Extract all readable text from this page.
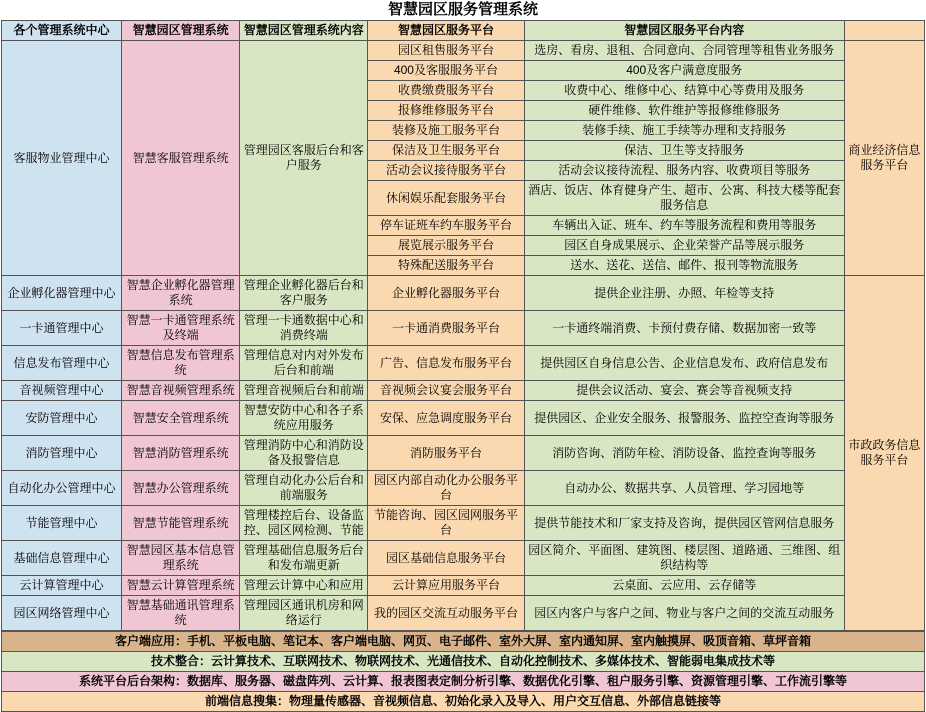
智慧园区服务管理系统
各个管理系统中心	智慧园区管理系统	智慧园区管理系统内容	智慧园区服务平台	智慧园区服务平台内容	
客服物业管理中心	智慧客服管理系统	管理园区客服后台和客户服务	园区租售服务平台	选房、看房、退租、合同意向、合同管理等租售业务服务	商业经济信息服务平台
			400及客服服务平台	400及客户满意度服务	
			收费缴费服务平台	收费中心、维修中心、结算中心等费用及服务	
			报修维修服务平台	硬件维修、软件维护等报修维修服务	
			装修及施工服务平台	装修手续、施工手续等办理和支持服务	
			保洁及卫生服务平台	保洁、卫生等支持服务	
			活动会议接待服务平台	活动会议接待流程、服务内容、收费项目等服务	
			休闲娱乐配套服务平台	酒店、饭店、体育健身产生、超市、公寓、科技大楼等配套服务信息	
			停车证班车约车服务平台	车辆出入证、班车、约车等服务流程和费用等服务	
			展览展示服务平台	园区自身成果展示、企业荣誉产品等展示服务	
			特殊配送服务平台	送水、送花、送信、邮件、报刊等物流服务	
企业孵化器管理中心	智慧企业孵化器管理系统	管理企业孵化器后台和客户服务	企业孵化器服务平台	提供企业注册、办照、年检等支持	市政政务信息服务平台
一卡通管理中心	智慧一卡通管理系统及终端	管理一卡通数据中心和消费终端	一卡通消费服务平台	一卡通终端消费、卡预付费存储、数据加密一致等	
信息发布管理中心	智慧信息发布管理系统	管理信息对内对外发布后台和前端	广告、信息发布服务平台	提供园区自身信息公告、企业信息发布、政府信息发布	
音视频管理中心	智慧音视频管理系统	管理音视频后台和前端	音视频会议宴会服务平台	提供会议活动、宴会、赛会等音视频支持	
安防管理中心	智慧安全管理系统	智慧安防中心和各子系统应用服务	安保、应急调度服务平台	提供园区、企业安全服务、报警服务、监控空查询等服务	
消防管理中心	智慧消防管理系统	管理消防中心和消防设备及报警信息	消防服务平台	消防咨询、消防年检、消防设备、监控查询等服务	
自动化办公管理中心	智慧办公管理系统	管理自动化办公后台和前端服务	园区内部自动化办公服务平台	自动办公、数据共享、人员管理、学习园地等	
节能管理中心	智慧节能管理系统	管理楼控后台、设备监控、园区网检测、节能	节能咨询、园区园网服务平台	提供节能技术和厂家支持及咨询，提供园区管网信息服务	
基础信息管理中心	智慧园区基本信息管理系统	管理基础信息服务后台和发布端更新	园区基础信息服务平台	园区简介、平面图、建筑图、楼层图、道路通、三维图、组织结构等	
云计算管理中心	智慧云计算管理系统	管理云计算中心和应用	云计算应用服务平台	云桌面、云应用、云存储等	
园区网络管理中心	智慧基础通讯管理系统	管理园区通讯机房和网络运行	我的园区交流互动服务平台	园区内客户与客户之间、物业与客户之间的交流互动服务	
客户端应用：手机、平板电脑、笔记本、客户端电脑、网页、电子邮件、室外大屏、室内通知屏、室内触摸屏、吸顶音箱、草坪音箱
技术整合：云计算技术、互联网技术、物联网技术、光通信技术、自动化控制技术、多媒体技术、智能弱电集成技术等
系统平台后台架构：数据库、服务器、磁盘阵列、云计算、报表图表定制分析引擎、数据优化引擎、租户服务引擎、资源管理引擎、工作流引擎等
前端信息搜集：物理量传感器、音视频信息、初始化录入及导入、用户交互信息、外部信息链接等
